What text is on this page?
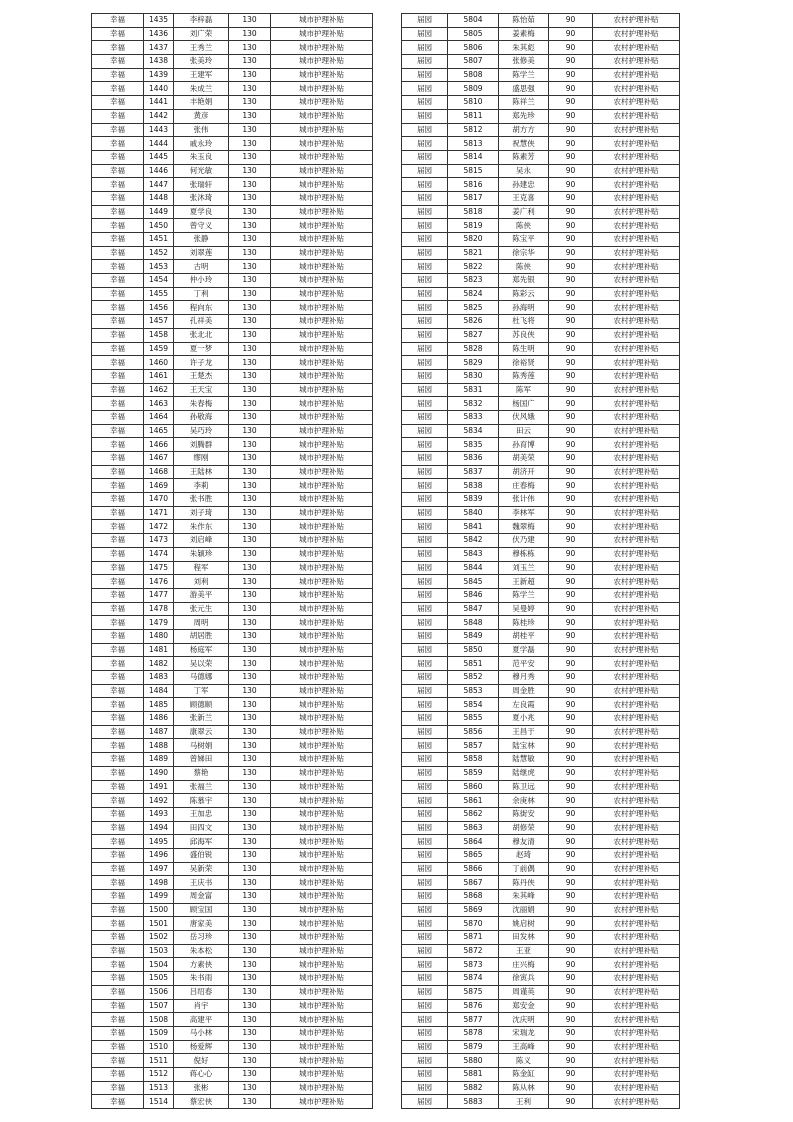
幸福	1435	李梓磊	130	城市护理补贴
幸福	1436	刘广荣	130	城市护理补贴
幸福	1437	王秀兰	130	城市护理补贴
幸福	1438	张美玲	130	城市护理补贴
幸福	1439	王建军	130	城市护理补贴
幸福	1440	朱成兰	130	城市护理补贴
幸福	1441	丰艳娟	130	城市护理补贴
幸福	1442	黄彦	130	城市护理补贴
幸福	1443	张伟	130	城市护理补贴
幸福	1444	戚永玲	130	城市护理补贴
幸福	1445	朱玉良	130	城市护理补贴
幸福	1446	何光敏	130	城市护理补贴
幸福	1447	张瑞轩	130	城市护理补贴
幸福	1448	张沐琦	130	城市护理补贴
幸福	1449	夏学良	130	城市护理补贴
幸福	1450	曾守义	130	城市护理补贴
幸福	1451	张静	130	城市护理补贴
幸福	1452	刘翠莲	130	城市护理补贴
幸福	1453	古明	130	城市护理补贴
幸福	1454	仲小玲	130	城市护理补贴
幸福	1455	丁利	130	城市护理补贴
幸福	1456	程向东	130	城市护理补贴
幸福	1457	孔祥美	130	城市护理补贴
幸福	1458	张北北	130	城市护理补贴
幸福	1459	夏一梦	130	城市护理补贴
幸福	1460	许子龙	130	城市护理补贴
幸福	1461	王楚杰	130	城市护理补贴
幸福	1462	王天宝	130	城市护理补贴
幸福	1463	朱春梅	130	城市护理补贴
幸福	1464	孙敬海	130	城市护理补贴
幸福	1465	吴巧玲	130	城市护理补贴
幸福	1466	刘腾群	130	城市护理补贴
幸福	1467	缪刚	130	城市护理补贴
幸福	1468	王陆林	130	城市护理补贴
幸福	1469	李莉	130	城市护理补贴
幸福	1470	张书胜	130	城市护理补贴
幸福	1471	刘子琦	130	城市护理补贴
幸福	1472	朱作东	130	城市护理补贴
幸福	1473	刘启峰	130	城市护理补贴
幸福	1474	朱颖珍	130	城市护理补贴
幸福	1475	程军	130	城市护理补贴
幸福	1476	刘利	130	城市护理补贴
幸福	1477	游美平	130	城市护理补贴
幸福	1478	张元生	130	城市护理补贴
幸福	1479	周明	130	城市护理补贴
幸福	1480	胡居胜	130	城市护理补贴
幸福	1481	杨庭军	130	城市护理补贴
幸福	1482	吴以荣	130	城市护理补贴
幸福	1483	马德娜	130	城市护理补贴
幸福	1484	丁军	130	城市护理补贴
幸福	1485	顾德顺	130	城市护理补贴
幸福	1486	张新兰	130	城市护理补贴
幸福	1487	康翠云	130	城市护理补贴
幸福	1488	马树娟	130	城市护理补贴
幸福	1489	曾娣田	130	城市护理补贴
幸福	1490	蔡艳	130	城市护理补贴
幸福	1491	张福兰	130	城市护理补贴
幸福	1492	陈慕宇	130	城市护理补贴
幸福	1493	王加忠	130	城市护理补贴
幸福	1494	田四文	130	城市护理补贴
幸福	1495	邱海军	130	城市护理补贴
幸福	1496	盛伯锐	130	城市护理补贴
幸福	1497	吴新荣	130	城市护理补贴
幸福	1498	王庆书	130	城市护理补贴
幸福	1499	周金富	130	城市护理补贴
幸福	1500	顾宝国	130	城市护理补贴
幸福	1501	唐家美	130	城市护理补贴
幸福	1502	岳习珍	130	城市护理补贴
幸福	1503	朱本松	130	城市护理补贴
幸福	1504	方素侠	130	城市护理补贴
幸福	1505	朱书雨	130	城市护理补贴
幸福	1506	吕绍春	130	城市护理补贴
幸福	1507	肖宇	130	城市护理补贴
幸福	1508	高建平	130	城市护理补贴
幸福	1509	马小林	130	城市护理补贴
幸福	1510	杨爱辉	130	城市护理补贴
幸福	1511	倪好	130	城市护理补贴
幸福	1512	蒋心心	130	城市护理补贴
幸福	1513	张彬	130	城市护理补贴
幸福	1514	蔡宏侠	130	城市护理补贴
届园	5804	陈怡茹	90	农村护理补贴
届园	5805	姜素梅	90	农村护理补贴
届园	5806	朱其彪	90	农村护理补贴
届园	5807	张修美	90	农村护理补贴
届园	5808	陈学兰	90	农村护理补贴
届园	5809	盛思强	90	农村护理补贴
届园	5810	陈祥兰	90	农村护理补贴
届园	5811	郑先珍	90	农村护理补贴
届园	5812	胡方方	90	农村护理补贴
届园	5813	祝慧侠	90	农村护理补贴
届园	5814	陈素芳	90	农村护理补贴
届园	5815	吴永	90	农村护理补贴
届园	5816	孙建忠	90	农村护理补贴
届园	5817	王克喜	90	农村护理补贴
届园	5818	姜广利	90	农村护理补贴
届园	5819	陈侠	90	农村护理补贴
届园	5820	陈宝平	90	农村护理补贴
届园	5821	徐宗华	90	农村护理补贴
届园	5822	陈侠	90	农村护理补贴
届园	5823	郑先银	90	农村护理补贴
届园	5824	陈彩云	90	农村护理补贴
届园	5825	孙海明	90	农村护理补贴
届园	5826	杜飞将	90	农村护理补贴
届园	5827	苏良侠	90	农村护理补贴
届园	5828	陈生明	90	农村护理补贴
届园	5829	徐裕贤	90	农村护理补贴
届园	5830	陈秀莲	90	农村护理补贴
届园	5831	陈军	90	农村护理补贴
届园	5832	杨国广	90	农村护理补贴
届园	5833	伏风娥	90	农村护理补贴
届园	5834	田云	90	农村护理补贴
届园	5835	孙育博	90	农村护理补贴
届园	5836	胡美荣	90	农村护理补贴
届园	5837	胡济开	90	农村护理补贴
届园	5838	庄春梅	90	农村护理补贴
届园	5839	张计伟	90	农村护理补贴
届园	5840	李林军	90	农村护理补贴
届园	5841	魏翠梅	90	农村护理补贴
届园	5842	伏乃建	90	农村护理补贴
届园	5843	穆栋栋	90	农村护理补贴
届园	5844	刘玉兰	90	农村护理补贴
届园	5845	王新超	90	农村护理补贴
届园	5846	陈学兰	90	农村护理补贴
届园	5847	吴曼婷	90	农村护理补贴
届园	5848	陈桂珍	90	农村护理补贴
届园	5849	胡桂平	90	农村护理补贴
届园	5850	夏学磊	90	农村护理补贴
届园	5851	范平安	90	农村护理补贴
届园	5852	穆月秀	90	农村护理补贴
届园	5853	周金胜	90	农村护理补贴
届园	5854	左良霞	90	农村护理补贴
届园	5855	夏小兆	90	农村护理补贴
届园	5856	王昌于	90	农村护理补贴
届园	5857	陆宝林	90	农村护理补贴
届园	5858	陆慧敏	90	农村护理补贴
届园	5859	陆继虎	90	农村护理补贴
届园	5860	陈卫远	90	农村护理补贴
届园	5861	余庚林	90	农村护理补贴
届园	5862	陈街安	90	农村护理补贴
届园	5863	胡修荣	90	农村护理补贴
届园	5864	穆友清	90	农村护理补贴
届园	5865	赵琦	90	农村护理补贴
届园	5866	丁前偶	90	农村护理补贴
届园	5867	陈丹侠	90	农村护理补贴
届园	5868	朱其峰	90	农村护理补贴
届园	5869	沈丽娟	90	农村护理补贴
届园	5870	姚启树	90	农村护理补贴
届园	5871	田发林	90	农村护理补贴
届园	5872	王亚	90	农村护理补贴
届园	5873	庄兴梅	90	农村护理补贴
届园	5874	徐寅兵	90	农村护理补贴
届园	5875	周谨英	90	农村护理补贴
届园	5876	郑安金	90	农村护理补贴
届园	5877	沈庆明	90	农村护理补贴
届园	5878	宋瑞龙	90	农村护理补贴
届园	5879	王高峰	90	农村护理补贴
届园	5880	陈义	90	农村护理补贴
届园	5881	陈金缸	90	农村护理补贴
届园	5882	陈从林	90	农村护理补贴
届园	5883	王利	90	农村护理补贴
